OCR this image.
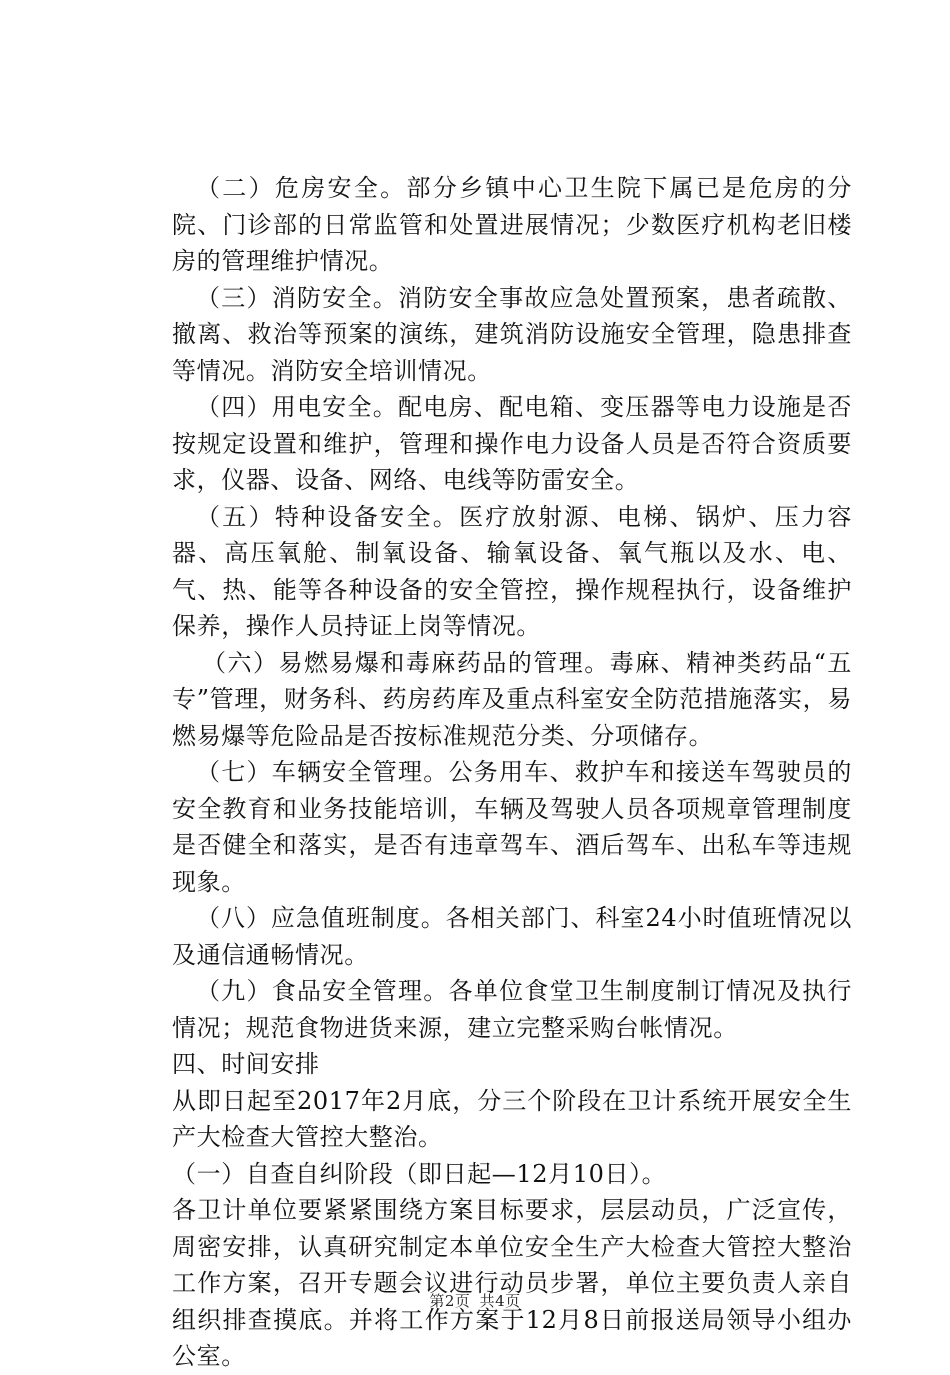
（二）危房安全。部分乡镇中心卫生院下属已是危房的分院、门诊部的日常监管和处置进展情况；少数医疗机构老旧楼房的管理维护情况。

（三）消防安全。消防安全事故应急处置预案，患者疏散、撤离、救治等预案的演练，建筑消防设施安全管理，隐患排查等情况。消防安全培训情况。

（四）用电安全。配电房、配电箱、变压器等电力设施是否按规定设置和维护，管理和操作电力设备人员是否符合资质要求，仪器、设备、网络、电线等防雷安全。

（五）特种设备安全。医疗放射源、电梯、锅炉、压力容器、高压氧舱、制氧设备、输氧设备、氧气瓶以及水、电、气、热、能等各种设备的安全管控，操作规程执行，设备维护保养，操作人员持证上岗等情况。

（六）易燃易爆和毒麻药品的管理。毒麻、精神类药品“五专”管理，财务科、药房药库及重点科室安全防范措施落实，易燃易爆等危险品是否按标准规范分类、分项储存。

（七）车辆安全管理。公务用车、救护车和接送车驾驶员的安全教育和业务技能培训，车辆及驾驶人员各项规章管理制度是否健全和落实，是否有违章驾车、酒后驾车、出私车等违规现象。

（八）应急值班制度。各相关部门、科室24小时值班情况以及通信通畅情况。

（九）食品安全管理。各单位食堂卫生制度制订情况及执行情况；规范食物进货来源，建立完整采购台帐情况。

四、时间安排

从即日起至2017年2月底，分三个阶段在卫计系统开展安全生产大检查大管控大整治。

（一）自查自纠阶段（即日起—12月10日）。

各卫计单位要紧紧围绕方案目标要求，层层动员，广泛宣传，周密安排，认真研究制定本单位安全生产大检查大管控大整治工作方案，召开专题会议进行动员步署，单位主要负责人亲自组织排查摸底。并将工作方案于12月8日前报送局领导小组办公室。

第2页 共4页
